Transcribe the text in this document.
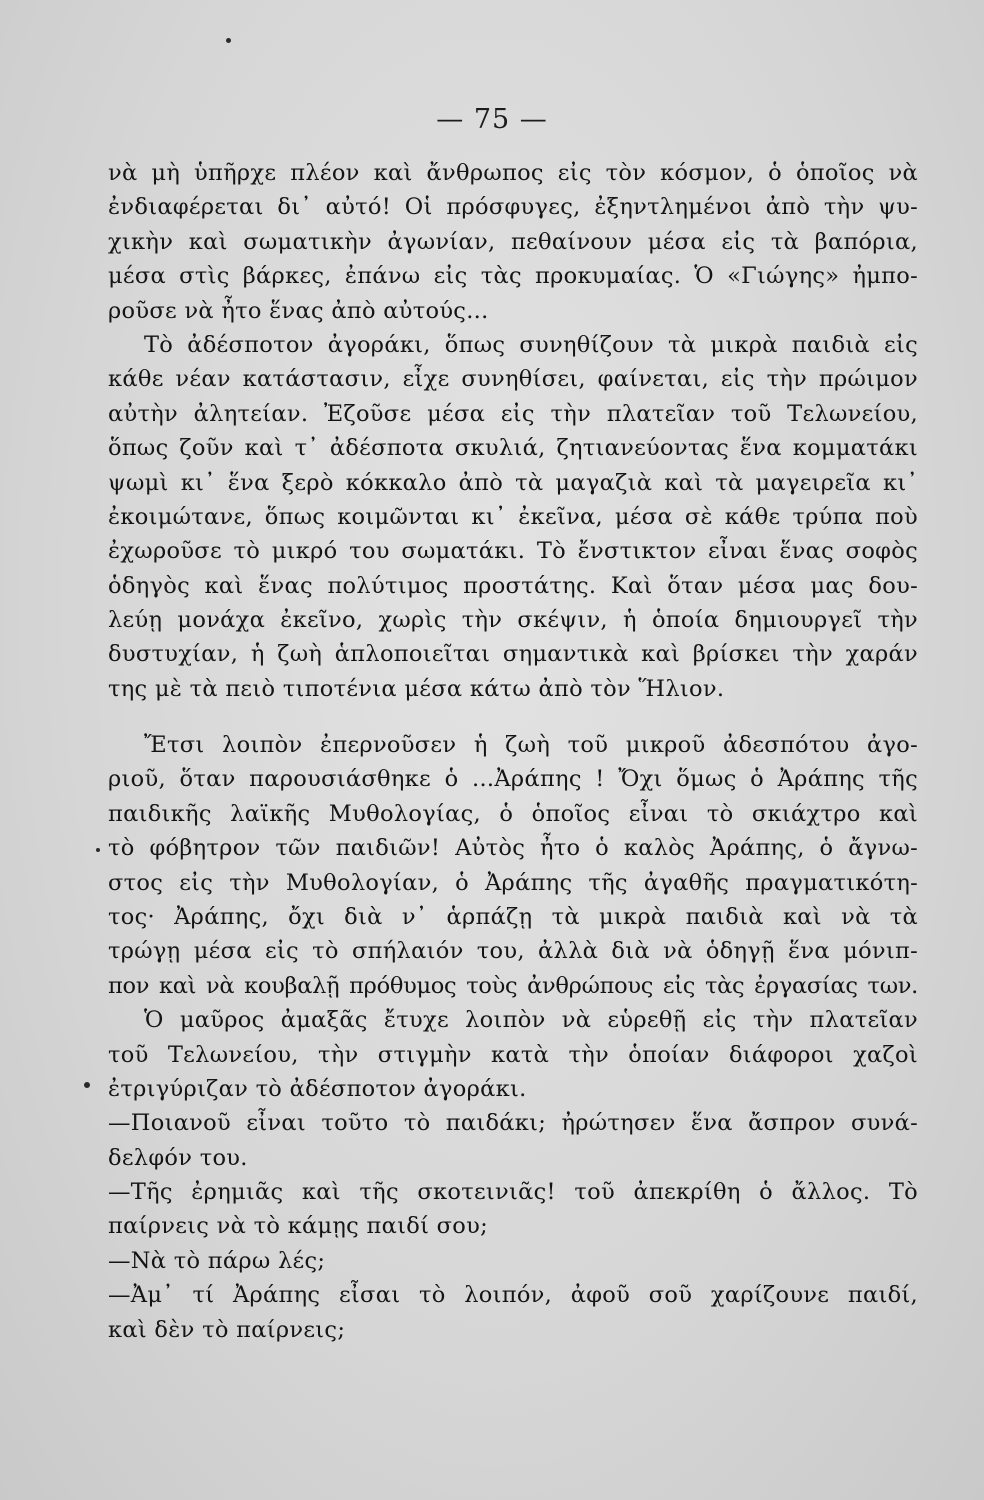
— 75 —
νὰ μὴ ὑπῆρχε πλέον καὶ ἄνθρωπος εἰς τὸν κόσμον, ὁ ὁποῖος νὰ
ἐνδιαφέρεται δι᾽ αὐτό! Οἱ πρόσφυγες, ἐξηντλημένοι ἀπὸ τὴν ψυ-
χικὴν καὶ σωματικὴν ἀγωνίαν, πεθαίνουν μέσα εἰς τὰ βαπόρια,
μέσα στὶς βάρκες, ἐπάνω εἰς τὰς προκυμαίας. Ὁ «Γιώγης» ἠμπο-
ροῦσε νὰ ἦτο ἕνας ἀπὸ αὐτούς...
Τὸ ἀδέσποτον ἀγοράκι, ὅπως συνηθίζουν τὰ μικρὰ παιδιὰ εἰς
κάθε νέαν κατάστασιν, εἶχε συνηθίσει, φαίνεται, εἰς τὴν πρώιμον
αὐτὴν ἀλητείαν. Ἐζοῦσε μέσα εἰς τὴν πλατεῖαν τοῦ Τελωνείου,
ὅπως ζοῦν καὶ τ᾽ ἀδέσποτα σκυλιά, ζητιανεύοντας ἕνα κομματάκι
ψωμὶ κι᾽ ἕνα ξερὸ κόκκαλο ἀπὸ τὰ μαγαζιὰ καὶ τὰ μαγειρεῖα κι᾽
ἐκοιμώτανε, ὅπως κοιμῶνται κι᾽ ἐκεῖνα, μέσα σὲ κάθε τρύπα ποὺ
ἐχωροῦσε τὸ μικρό του σωματάκι. Τὸ ἔνστικτον εἶναι ἕνας σοφὸς
ὁδηγὸς καὶ ἕνας πολύτιμος προστάτης. Καὶ ὅταν μέσα μας δου-
λεύῃ μονάχα ἐκεῖνο, χωρὶς τὴν σκέψιν, ἡ ὁποία δημιουργεῖ τὴν
δυστυχίαν, ἡ ζωὴ ἁπλοποιεῖται σημαντικὰ καὶ βρίσκει τὴν χαράν
της μὲ τὰ πειὸ τιποτένια μέσα κάτω ἀπὸ τὸν Ἥλιον.
Ἔτσι λοιπὸν ἐπερνοῦσεν ἡ ζωὴ τοῦ μικροῦ ἀδεσπότου ἀγο-
ριοῦ, ὅταν παρουσιάσθηκε ὁ ...Ἀράπης ! Ὄχι ὅμως ὁ Ἀράπης τῆς
παιδικῆς λαϊκῆς Μυθολογίας, ὁ ὁποῖος εἶναι τὸ σκιάχτρο καὶ
τὸ φόβητρον τῶν παιδιῶν! Αὐτὸς ἦτο ὁ καλὸς Ἀράπης, ὁ ἄγνω-
στος εἰς τὴν Μυθολογίαν, ὁ Ἀράπης τῆς ἀγαθῆς πραγματικότη-
τος· Ἀράπης, ὄχι διὰ ν᾽ ἁρπάζῃ τὰ μικρὰ παιδιὰ καὶ νὰ τὰ
τρώγῃ μέσα εἰς τὸ σπήλαιόν του, ἀλλὰ διὰ νὰ ὁδηγῇ ἕνα μόνιπ-
πον καὶ νὰ κουβαλῇ πρόθυμος τοὺς ἀνθρώπους εἰς τὰς ἐργασίας των.
Ὁ μαῦρος ἀμαξᾶς ἔτυχε λοιπὸν νὰ εὑρεθῇ εἰς τὴν πλατεῖαν
τοῦ Τελωνείου, τὴν στιγμὴν κατὰ τὴν ὁποίαν διάφοροι χαζοὶ
ἐτριγύριζαν τὸ ἀδέσποτον ἀγοράκι.
—Ποιανοῦ εἶναι τοῦτο τὸ παιδάκι; ἠρώτησεν ἕνα ἄσπρον συνά-
δελφόν του.
—Τῆς ἐρημιᾶς καὶ τῆς σκοτεινιᾶς! τοῦ ἀπεκρίθη ὁ ἄλλος. Τὸ
παίρνεις νὰ τὸ κάμῃς παιδί σου;
—Νὰ τὸ πάρω λές;
—Ἀμ᾽ τί Ἀράπης εἶσαι τὸ λοιπόν, ἀφοῦ σοῦ χαρίζουνε παιδί,
καὶ δὲν τὸ παίρνεις;
